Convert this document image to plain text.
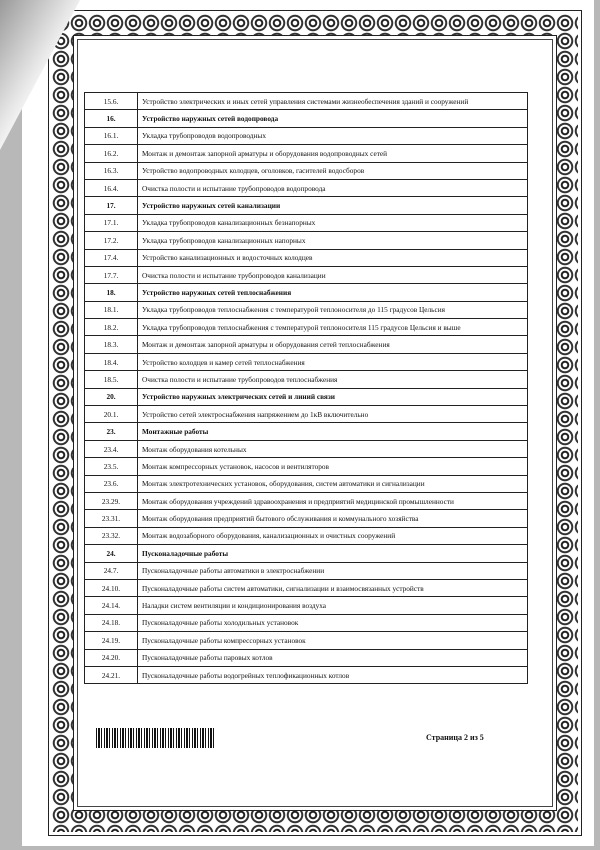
15.6.	Устройство электрических и иных сетей управления системами жизнеобеспечения зданий и сооружений
16.	Устройство наружных сетей водопровода
16.1.	Укладка трубопроводов водопроводных
16.2.	Монтаж и демонтаж запорной арматуры и оборудования водопроводных сетей
16.3.	Устройство водопроводных колодцев, оголовков, гасителей водосборов
16.4.	Очистка полости и испытание трубопроводов водопровода
17.	Устройство наружных сетей канализации
17.1.	Укладка трубопроводов канализационных безнапорных
17.2.	Укладка трубопроводов канализационных напорных
17.4.	Устройство канализационных и водосточных колодцев
17.7.	Очистка полости и испытание трубопроводов канализации
18.	Устройство наружных сетей теплоснабжения
18.1.	Укладка трубопроводов теплоснабжения с температурой теплоносителя до 115 градусов Цельсия
18.2.	Укладка трубопроводов теплоснабжения с температурой теплоносителя 115 градусов Цельсия и выше
18.3.	Монтаж и демонтаж запорной арматуры и оборудования сетей теплоснабжения
18.4.	Устройство колодцев и камер сетей теплоснабжения
18.5.	Очистка полости и испытание трубопроводов теплоснабжения
20.	Устройство наружных электрических сетей и линий связи
20.1.	Устройство сетей электроснабжения напряжением до 1кВ включительно
23.	Монтажные работы
23.4.	Монтаж оборудования котельных
23.5.	Монтаж компрессорных установок, насосов и вентиляторов
23.6.	Монтаж электротехнических установок, оборудования, систем автоматики и сигнализации
23.29.	Монтаж оборудования учреждений здравоохранения и предприятий медицинской промышленности
23.31.	Монтаж оборудования предприятий бытового обслуживания и коммунального хозяйства
23.32.	Монтаж водозаборного оборудования, канализационных и очистных сооружений
24.	Пусконаладочные работы
24.7.	Пусконаладочные работы автоматики в электроснабжении
24.10.	Пусконаладочные работы систем автоматики, сигнализации и взаимосвязанных устройств
24.14.	Наладки систем вентиляции и кондиционирования воздуха
24.18.	Пусконаладочные работы холодильных установок
24.19.	Пусконаладочные работы компрессорных установок
24.20.	Пусконаладочные работы паровых котлов
24.21.	Пусконаладочные работы водогрейных теплофикационных котлов
Страница 2 из 5
